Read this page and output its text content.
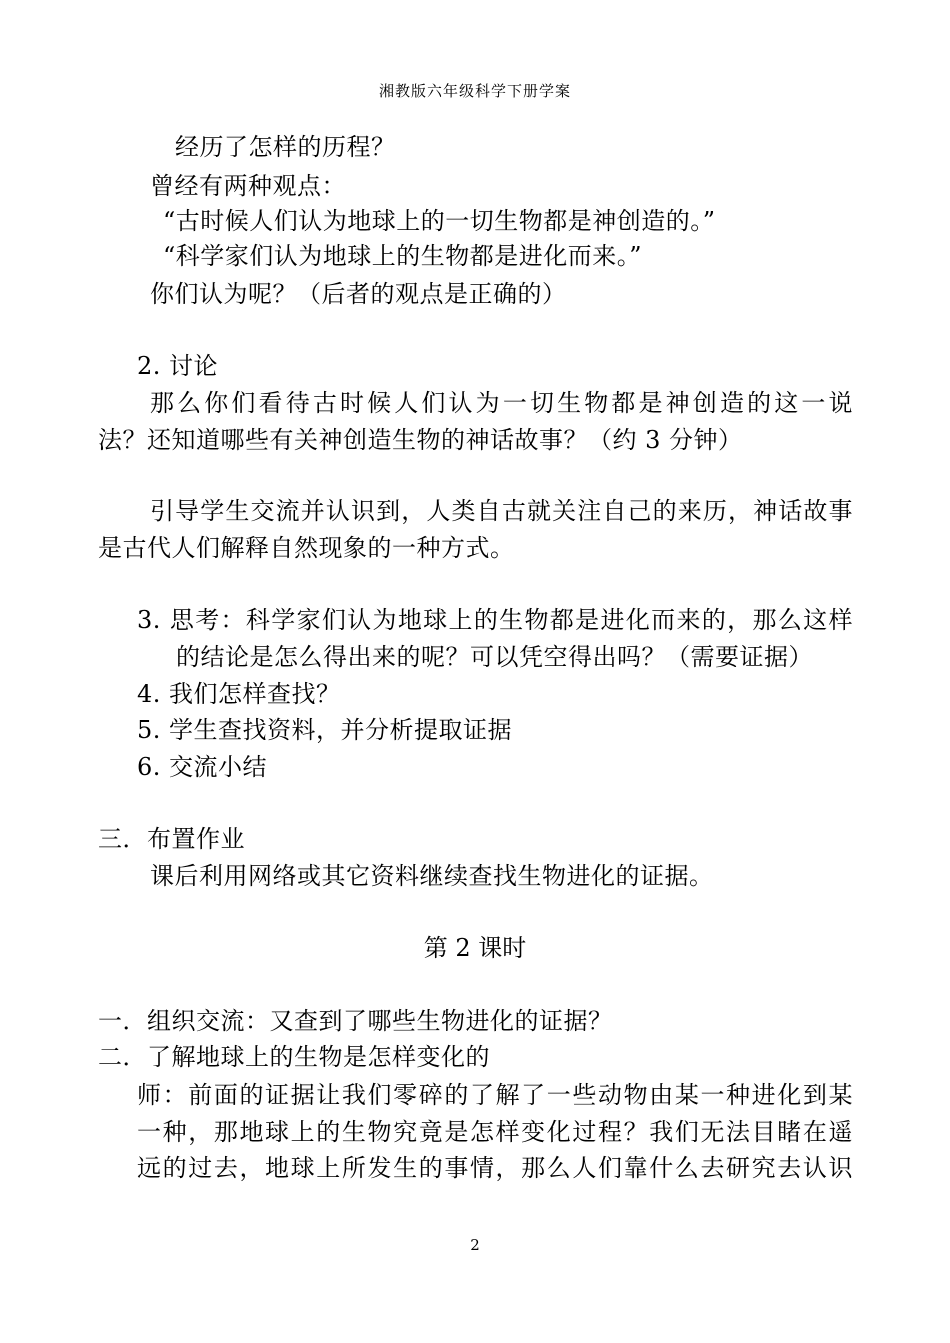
湘教版六年级科学下册学案
经历了怎样的历程？
曾经有两种观点：
“古时候人们认为地球上的一切生物都是神创造的。”
“科学家们认为地球上的生物都是进化而来。”
你们认为呢？（后者的观点是正确的）
2. 讨论
那么你们看待古时候人们认为一切生物都是神创造的这一说
法？还知道哪些有关神创造生物的神话故事？（约 3 分钟）
引导学生交流并认识到，人类自古就关注自己的来历，神话故事
是古代人们解释自然现象的一种方式。
3. 思考：科学家们认为地球上的生物都是进化而来的，那么这样
的结论是怎么得出来的呢？可以凭空得出吗？（需要证据）
4. 我们怎样查找？
5. 学生查找资料，并分析提取证据
6. 交流小结
三．布置作业
课后利用网络或其它资料继续查找生物进化的证据。
第 2 课时
一．组织交流：又查到了哪些生物进化的证据？
二．了解地球上的生物是怎样变化的
师：前面的证据让我们零碎的了解了一些动物由某一种进化到某
一种，那地球上的生物究竟是怎样变化过程？我们无法目睹在遥
远的过去，地球上所发生的事情，那么人们靠什么去研究去认识
2
